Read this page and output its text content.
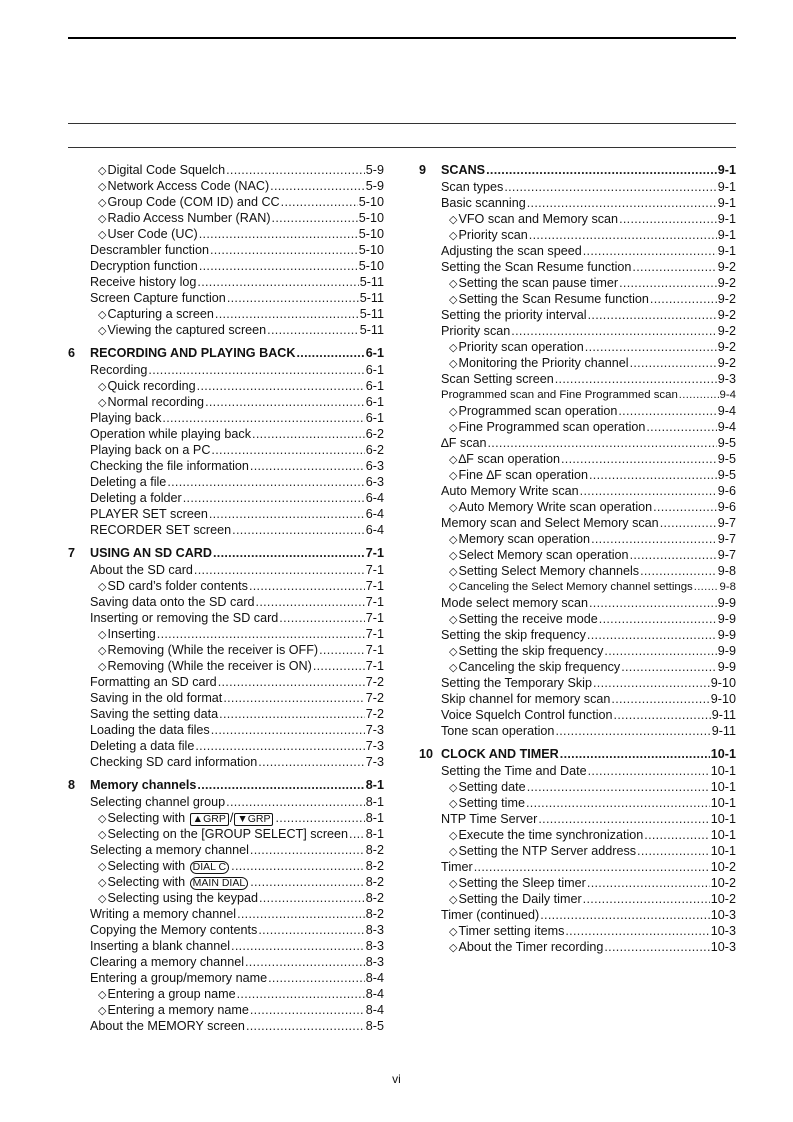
◇ Digital Code Squelch .....	5-9
◇ Network Access Code (NAC) .....	5-9
◇ Group Code (COM ID) and CC .....	5-10
◇ Radio Access Number (RAN) .....	5-10
◇ User Code (UC) .....	5-10
Descrambler function .....	5-10
Decryption function .....	5-10
Receive history log .....	5-11
Screen Capture function .....	5-11
◇ Capturing a screen .....	5-11
◇ Viewing the captured screen .....	5-11
6 RECORDING AND PLAYING BACK .....	6-1
Recording .....	6-1
◇ Quick recording .....	6-1
◇ Normal recording .....	6-1
Playing back .....	6-1
Operation while playing back .....	6-2
Playing back on a PC .....	6-2
Checking the file information .....	6-3
Deleting a file .....	6-3
Deleting a folder .....	6-4
PLAYER SET screen .....	6-4
RECORDER SET screen .....	6-4
7 USING AN SD CARD .....	7-1
About the SD card .....	7-1
◇ SD card’s folder contents .....	7-1
Saving data onto the SD card .....	7-1
Inserting or removing the SD card .....	7-1
◇ Inserting .....	7-1
◇ Removing (While the receiver is OFF) .....	7-1
◇ Removing (While the receiver is ON) .....	7-1
Formatting an SD card .....	7-2
Saving in the old format .....	7-2
Saving the setting data .....	7-2
Loading the data files .....	7-3
Deleting a data file .....	7-3
Checking SD card information .....	7-3
8 Memory channels .....	8-1
Selecting channel group .....	8-1
◇ Selecting with ▲GRP / ▼GRP .....	8-1
◇ Selecting on the [GROUP SELECT] screen ..... 8-1
Selecting a memory channel .....	8-2
◇ Selecting with DIAL C .....	8-2
◇ Selecting with MAIN DIAL .....	8-2
◇ Selecting using the keypad .....	8-2
Writing a memory channel .....	8-2
Copying the Memory contents .....	8-3
Inserting a blank channel .....	8-3
Clearing a memory channel .....	8-3
Entering a group/memory name .....	8-4
◇ Entering a group name .....	8-4
◇ Entering a memory name .....	8-4
About the MEMORY screen .....	8-5
9 SCANS .....	9-1
Scan types .....	9-1
Basic scanning .....	9-1
◇ VFO scan and Memory scan .....	9-1
◇ Priority scan .....	9-1
Adjusting the scan speed .....	9-1
Setting the Scan Resume function .....	9-2
◇ Setting the scan pause timer .....	9-2
◇ Setting the Scan Resume function .....	9-2
Setting the priority interval .....	9-2
Priority scan .....	9-2
◇ Priority scan operation .....	9-2
◇ Monitoring the Priority channel .....	9-2
Scan Setting screen .....	9-3
Programmed scan and Fine Programmed scan .....	9-4
◇ Programmed scan operation .....	9-4
◇ Fine Programmed scan operation .....	9-4
∆F scan .....	9-5
◇ ∆F scan operation .....	9-5
◇ Fine ∆F scan operation .....	9-5
Auto Memory Write scan .....	9-6
◇ Auto Memory Write scan operation .....	9-6
Memory scan and Select Memory scan .....	9-7
◇ Memory scan operation .....	9-7
◇ Select Memory scan operation .....	9-7
◇ Setting Select Memory channels .....	9-8
◇ Canceling the Select Memory channel settings ..... 9-8
Mode select memory scan .....	9-9
◇ Setting the receive mode .....	9-9
Setting the skip frequency .....	9-9
◇ Setting the skip frequency .....	9-9
◇ Canceling the skip frequency .....	9-9
Setting the Temporary Skip .....	9-10
Skip channel for memory scan .....	9-10
Voice Squelch Control function .....	9-11
Tone scan operation .....	9-11
10 CLOCK AND TIMER .....	10-1
Setting the Time and Date .....	10-1
◇ Setting date .....	10-1
◇ Setting time .....	10-1
NTP Time Server .....	10-1
◇ Execute the time synchronization .....	10-1
◇ Setting the NTP Server address .....	10-1
Timer .....	10-2
◇ Setting the Sleep timer .....	10-2
◇ Setting the Daily timer .....	10-2
Timer (continued) .....	10-3
◇ Timer setting items .....	10-3
◇ About the Timer recording .....	10-3
vi
